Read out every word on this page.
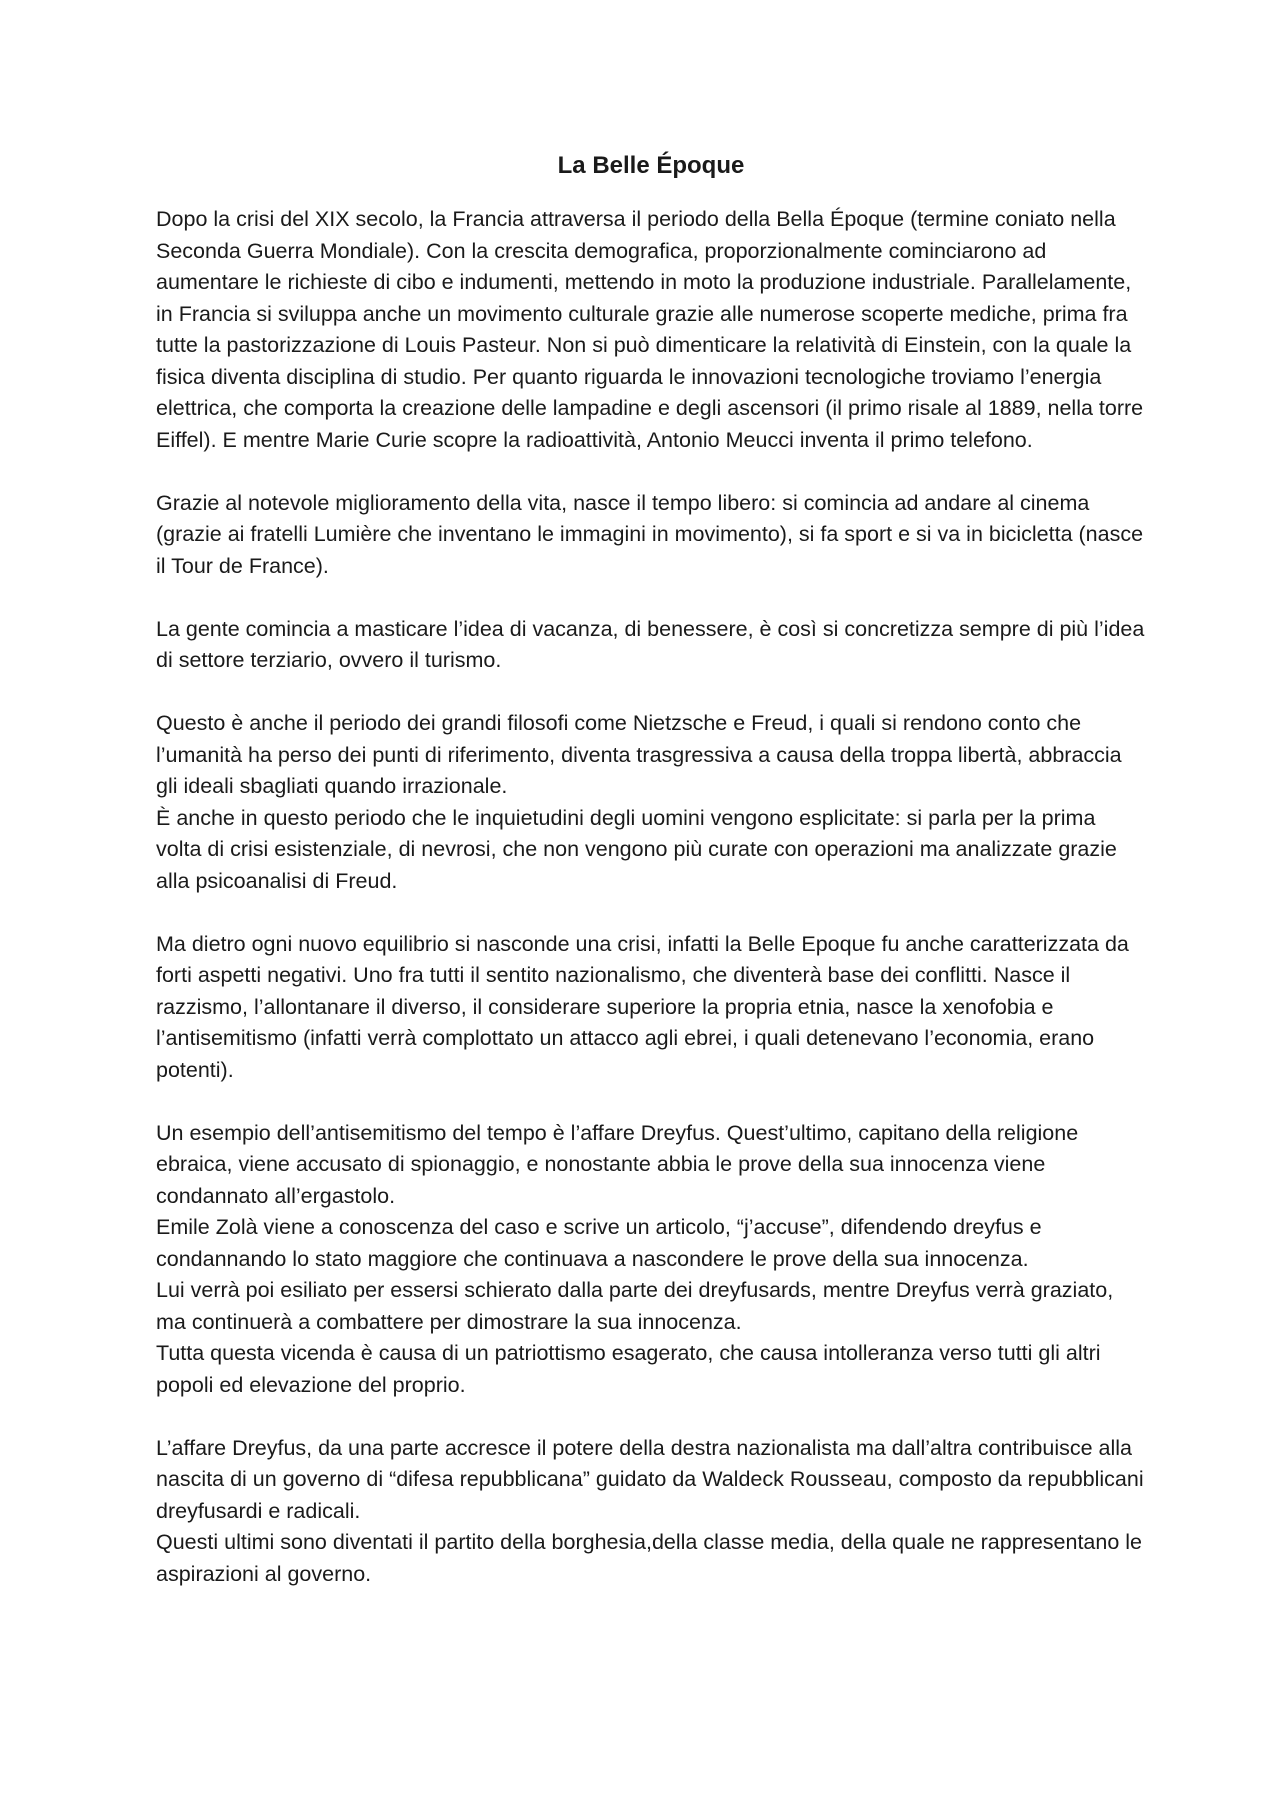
La Belle Époque

Dopo la crisi del XIX secolo, la Francia attraversa il periodo della Bella Époque (termine coniato nella Seconda Guerra Mondiale). Con la crescita demografica, proporzionalmente cominciarono ad aumentare le richieste di cibo e indumenti, mettendo in moto la produzione industriale. Parallelamente, in Francia si sviluppa anche un movimento culturale grazie alle numerose scoperte mediche, prima fra tutte la pastorizzazione di Louis Pasteur. Non si può dimenticare la relatività di Einstein, con la quale la fisica diventa disciplina di studio. Per quanto riguarda le innovazioni tecnologiche troviamo l’energia elettrica, che comporta la creazione delle lampadine e degli ascensori (il primo risale al 1889, nella torre Eiffel). E mentre Marie Curie scopre la radioattività, Antonio Meucci inventa il primo telefono.

Grazie al notevole miglioramento della vita, nasce il tempo libero: si comincia ad andare al cinema (grazie ai fratelli Lumière che inventano le immagini in movimento), si fa sport e si va in bicicletta (nasce il Tour de France).

La gente comincia a masticare l’idea di vacanza, di benessere, è così si concretizza sempre di più l’idea di settore terziario, ovvero il turismo.

Questo è anche il periodo dei grandi filosofi come Nietzsche e Freud, i quali si rendono conto che l’umanità ha perso dei punti di riferimento, diventa trasgressiva a causa della troppa libertà, abbraccia gli ideali sbagliati quando irrazionale.

È anche in questo periodo che le inquietudini degli uomini vengono esplicitate: si parla per la prima volta di crisi esistenziale, di nevrosi, che non vengono più curate con operazioni ma analizzate grazie alla psicoanalisi di Freud.

Ma dietro ogni nuovo equilibrio si nasconde una crisi, infatti la Belle Epoque fu anche caratterizzata da forti aspetti negativi. Uno fra tutti il sentito nazionalismo, che diventerà base dei conflitti. Nasce il razzismo, l’allontanare il diverso, il considerare superiore la propria etnia, nasce la xenofobia e l’antisemitismo (infatti verrà complottato un attacco agli ebrei, i quali detenevano l’economia, erano potenti).

Un esempio dell’antisemitismo del tempo è l’affare Dreyfus. Quest’ultimo, capitano della religione ebraica, viene accusato di spionaggio, e nonostante abbia le prove della sua innocenza viene condannato all’ergastolo.

Emile Zolà viene a conoscenza del caso e scrive un articolo, “j’accuse”, difendendo dreyfus e condannando lo stato maggiore che continuava a nascondere le prove della sua innocenza.

Lui verrà poi esiliato per essersi schierato dalla parte dei dreyfusards, mentre Dreyfus verrà graziato, ma continuerà a combattere per dimostrare la sua innocenza.

Tutta questa vicenda è causa di un patriottismo esagerato, che causa intolleranza verso tutti gli altri popoli ed elevazione del proprio.

L’affare Dreyfus, da una parte accresce il potere della destra nazionalista ma dall’altra contribuisce alla nascita di un governo di “difesa repubblicana” guidato da Waldeck Rousseau, composto da repubblicani dreyfusardi e radicali.

Questi ultimi sono diventati il partito della borghesia,della classe media, della quale ne rappresentano le aspirazioni al governo.
